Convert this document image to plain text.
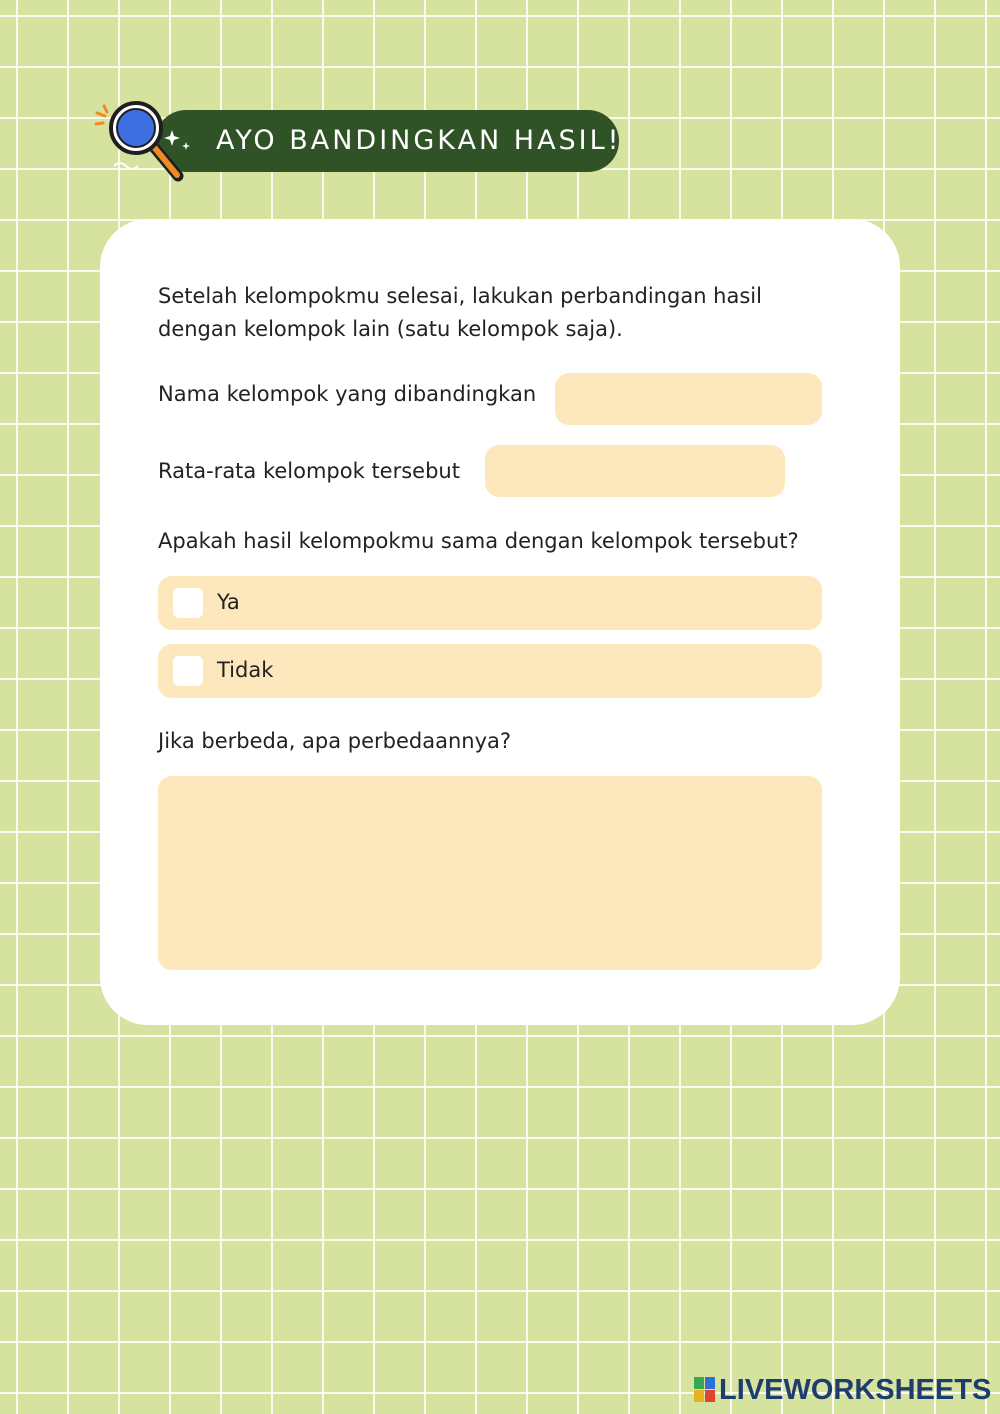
AYO BANDINGKAN HASIL!
Setelah kelompokmu selesai, lakukan perbandingan hasil
dengan kelompok lain (satu kelompok saja).
Nama kelompok yang dibandingkan
Rata-rata kelompok tersebut
Apakah hasil kelompokmu sama dengan kelompok tersebut?
Ya
Tidak
Jika berbeda, apa perbedaannya?
LIVEWORKSHEETS
